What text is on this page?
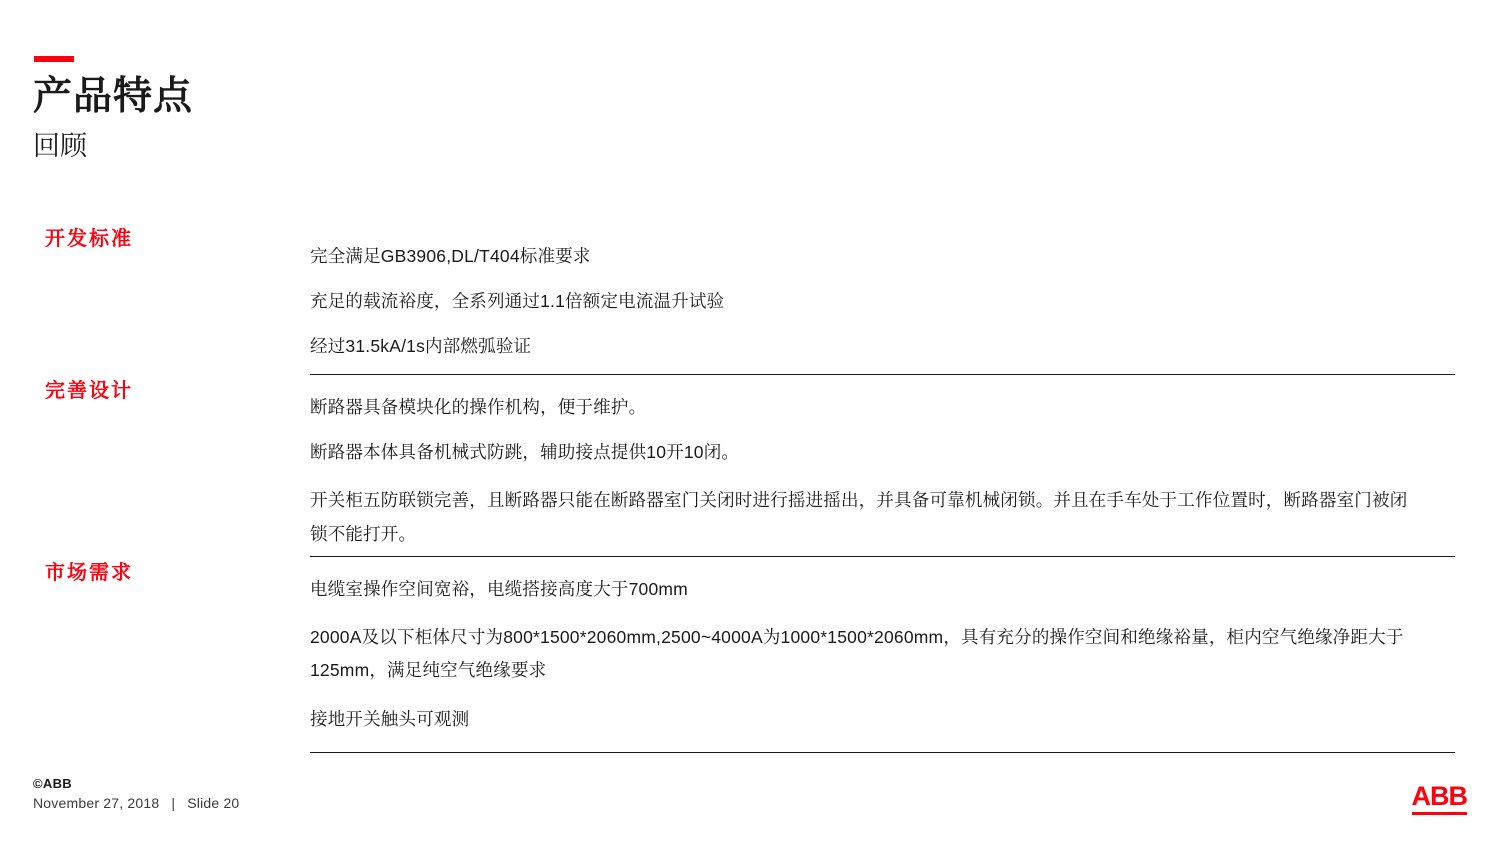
产品特点
回顾
开发标准
完全满足GB3906,DL/T404标准要求
充足的载流裕度，全系列通过1.1倍额定电流温升试验
经过31.5kA/1s内部燃弧验证
完善设计
断路器具备模块化的操作机构，便于维护。
断路器本体具备机械式防跳，辅助接点提供10开10闭。
开关柜五防联锁完善，且断路器只能在断路器室门关闭时进行摇进摇出，并具备可靠机械闭锁。并且在手车处于工作位置时，断路器室门被闭锁不能打开。
市场需求
电缆室操作空间宽裕，电缆搭接高度大于700mm
2000A及以下柜体尺寸为800*1500*2060mm,2500~4000A为1000*1500*2060mm，具有充分的操作空间和绝缘裕量，柜内空气绝缘净距大于125mm，满足纯空气绝缘要求
接地开关触头可观测
©ABB
November 27, 2018 | Slide 20	ABB
